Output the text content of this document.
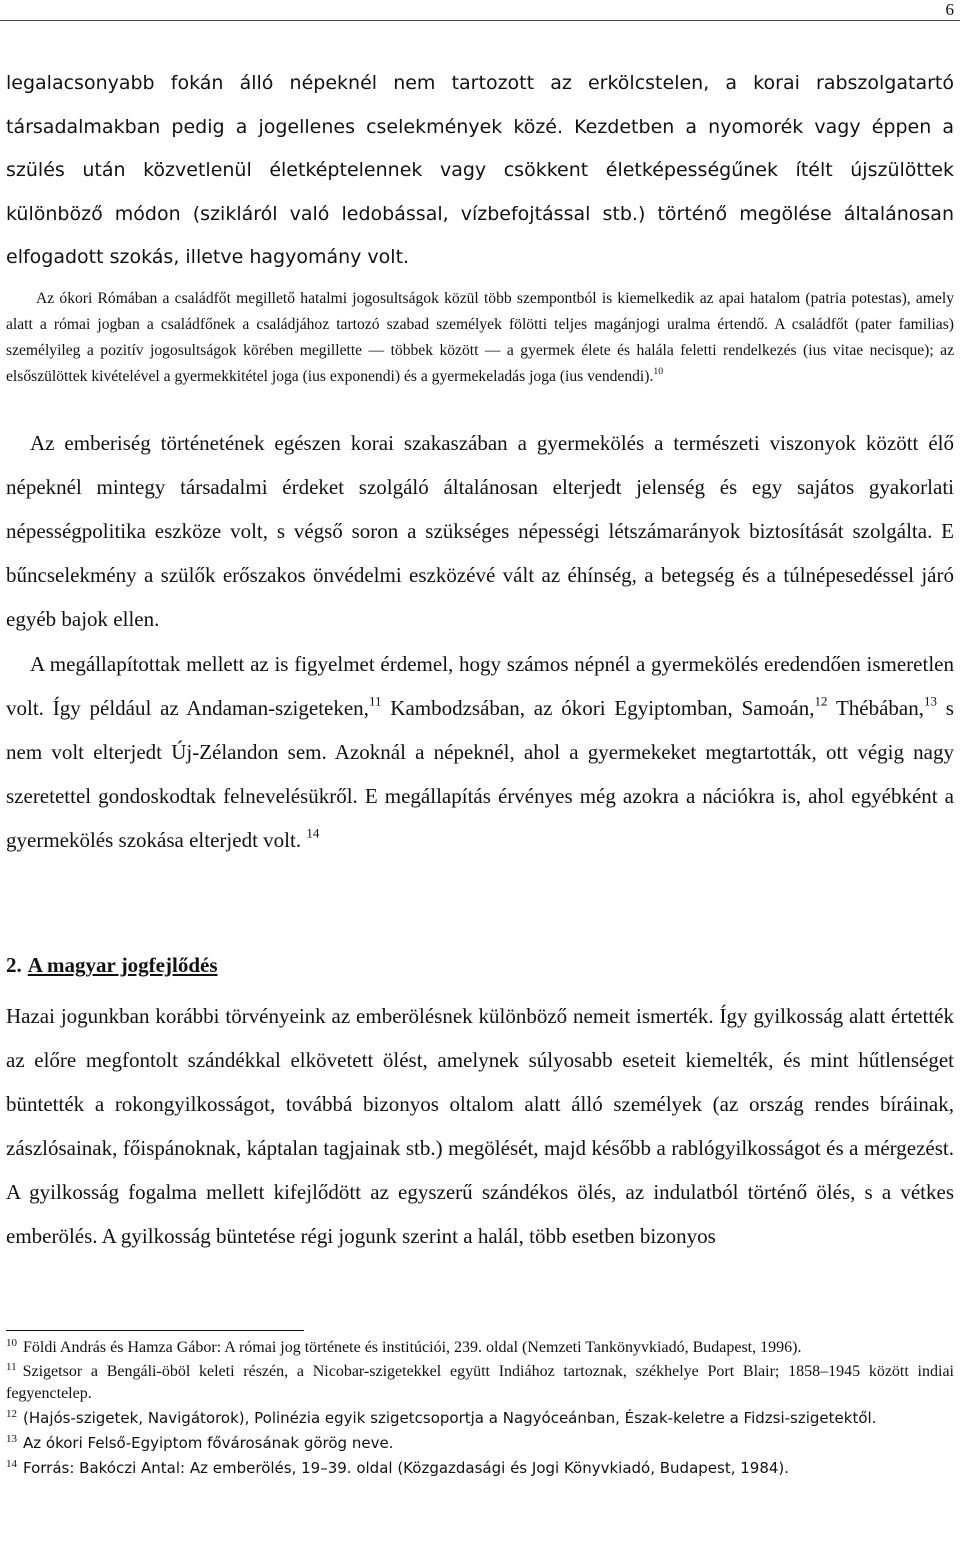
6

legalacsonyabb fokán álló népeknél nem tartozott az erkölcstelen, a korai rabszolgatartó társadalmakban pedig a jogellenes cselekmények közé. Kezdetben a nyomorék vagy éppen a szülés után közvetlenül életképtelennek vagy csökkent életképességűnek ítélt újszülöttek különböző módon (szikláról való ledobással, vízbefojtással stb.) történő megölése általánosan elfogadott szokás, illetve hagyomány volt.

Az ókori Rómában a családfőt megillető hatalmi jogosultságok közül több szempontból is kiemelkedik az apai hatalom (patria potestas), amely alatt a római jogban a családfőnek a családjához tartozó szabad személyek fölötti teljes magánjogi uralma értendő. A családfőt (pater familias) személyileg a pozitív jogosultságok körében megillette — többek között — a gyermek élete és halála feletti rendelkezés (ius vitae necisque); az elsőszülöttek kivételével a gyermekkitétel joga (ius exponendi) és a gyermekeladás joga (ius vendendi).$^{10}$

Az emberiség történetének egészen korai szakaszában a gyermekölés a természeti viszonyok között élő népeknél mintegy társadalmi érdeket szolgáló általánosan elterjedt jelenség és egy sajátos gyakorlati népességpolitika eszköze volt, s végső soron a szükséges népességi létszámarányok biztosítását szolgálta. E bűncselekmény a szülők erőszakos önvédelmi eszközévé vált az éhínség, a betegség és a túlnépesedéssel járó egyéb bajok ellen.

A megállapítottak mellett az is figyelmet érdemel, hogy számos népnél a gyermekölés eredendően ismeretlen volt. Így például az Andaman-szigeteken,$^{11}$ Kambodzsában, az ókori Egyiptomban, Samoán,$^{12}$ Thébában,$^{13}$ s nem volt elterjedt Új-Zélandon sem. Azoknál a népeknél, ahol a gyermekeket megtartották, ott végig nagy szeretettel gondoskodtak felnevelésükről. E megállapítás érvényes még azokra a nációkra is, ahol egyébként a gyermekölés szokása elterjedt volt. $^{14}$

2. A magyar jogfejlődés

Hazai jogunkban korábbi törvényeink az emberölésnek különböző nemeit ismerték. Így gyilkosság alatt értették az előre megfontolt szándékkal elkövetett ölést, amelynek súlyosabb eseteit kiemelték, és mint hűtlenséget büntették a rokongyilkosságot, továbbá bizonyos oltalom alatt álló személyek (az ország rendes bíráinak, zászlósainak, főispánoknak, káptalan tagjainak stb.) megölését, majd később a rablógyilkosságot és a mérgezést. A gyilkosság fogalma mellett kifejlődött az egyszerű szándékos ölés, az indulatból történő ölés, s a vétkes emberölés. A gyilkosság büntetése régi jogunk szerint a halál, több esetben bizonyos

$^{10}$ Földi András és Hamza Gábor: A római jog története és institúciói, 239. oldal (Nemzeti Tankönyvkiadó, Budapest, 1996).

$^{11}$ Szigetsor a Bengáli-öböl keleti részén, a Nicobar-szigetekkel együtt Indiához tartoznak, székhelye Port Blair; 1858–1945 között indiai fegyenctelep.

$^{12}$ (Hajós-szigetek, Navigátorok), Polinézia egyik szigetcsoportja a Nagyóceánban, Észak-keletre a Fidzsi-szigetektől.

$^{13}$ Az ókori Felső-Egyiptom fővárosának görög neve.

$^{14}$ Forrás: Bakóczi Antal: Az emberölés, 19–39. oldal (Közgazdasági és Jogi Könyvkiadó, Budapest, 1984).
